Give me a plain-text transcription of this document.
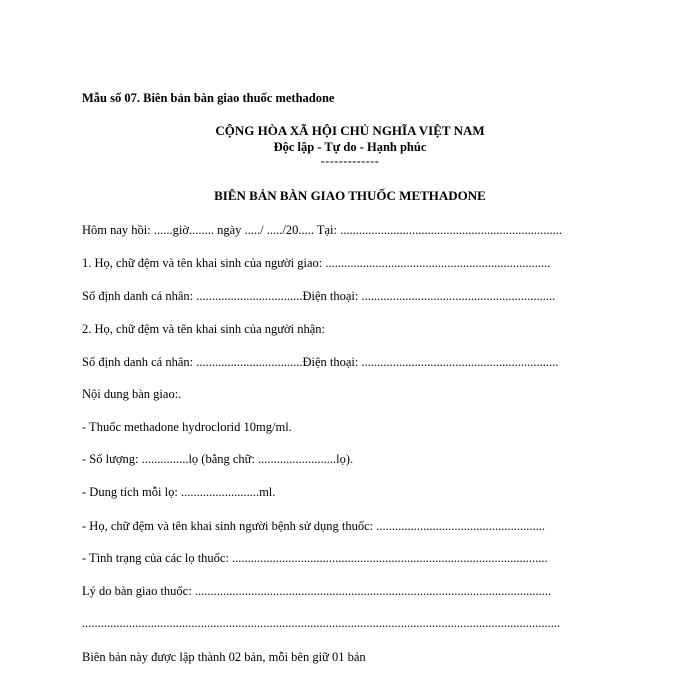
Mẫu số 07. Biên bản bàn giao thuốc methadone
CỘNG HÒA XÃ HỘI CHỦ NGHĨA VIỆT NAM
Độc lập - Tự do - Hạnh phúc
-------------
BIÊN BẢN BÀN GIAO THUỐC METHADONE
Hôm nay hồi: ......giờ........ ngày ...../ ...../20..... Tại: .......................................................................
1. Họ, chữ đệm và tên khai sinh của người giao: ........................................................................
Số định danh cá nhân: ..................................Điện thoại: ..............................................................
2. Họ, chữ đệm và tên khai sinh của người nhận:
Số định danh cá nhân: ..................................Điện thoại: ...............................................................
Nội dung bàn giao:.
- Thuốc methadone hydroclorid 10mg/ml.
- Số lượng: ...............lọ (bằng chữ: .........................lọ).
- Dung tích mỗi lọ: .........................ml.
- Họ, chữ đệm và tên khai sinh người bệnh sử dụng thuốc: ......................................................
- Tình trạng của các lọ thuốc: .....................................................................................................
Lý do bàn giao thuốc: ..................................................................................................................
.........................................................................................................................................................
Biên bản này được lập thành 02 bản, mỗi bên giữ 01 bản
